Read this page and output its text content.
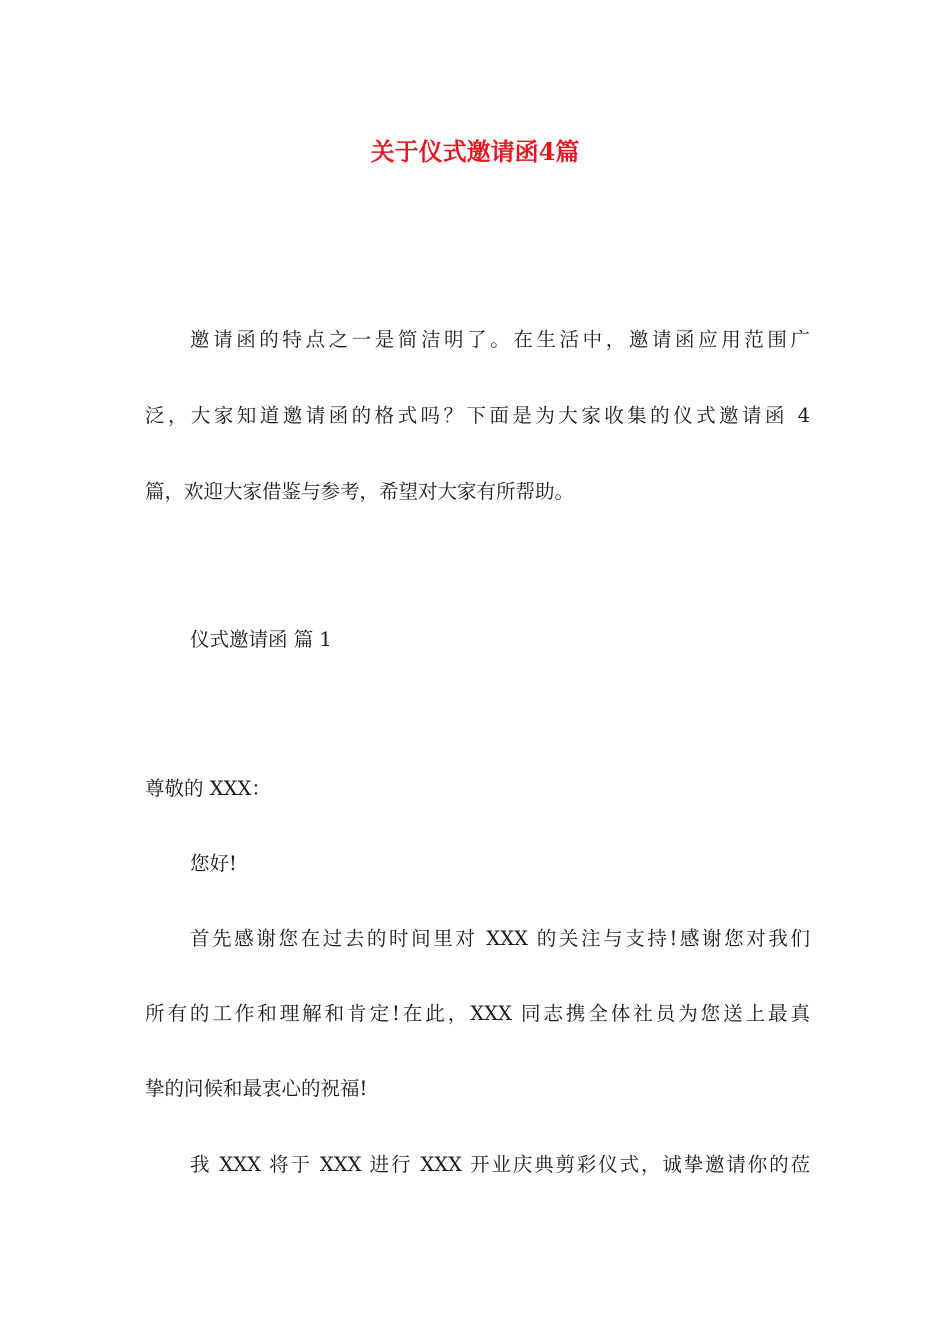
关于仪式邀请函4篇
邀请函的特点之一是简洁明了。在生活中，邀请函应用范围广
泛，大家知道邀请函的格式吗？下面是为大家收集的仪式邀请函 4
篇，欢迎大家借鉴与参考，希望对大家有所帮助。
仪式邀请函 篇 1
尊敬的 XXX：
您好!
首先感谢您在过去的时间里对 XXX 的关注与支持!感谢您对我们
所有的工作和理解和肯定!在此，XXX 同志携全体社员为您送上最真
挚的问候和最衷心的祝福!
我 XXX 将于 XXX 进行 XXX 开业庆典剪彩仪式，诚挚邀请你的莅
